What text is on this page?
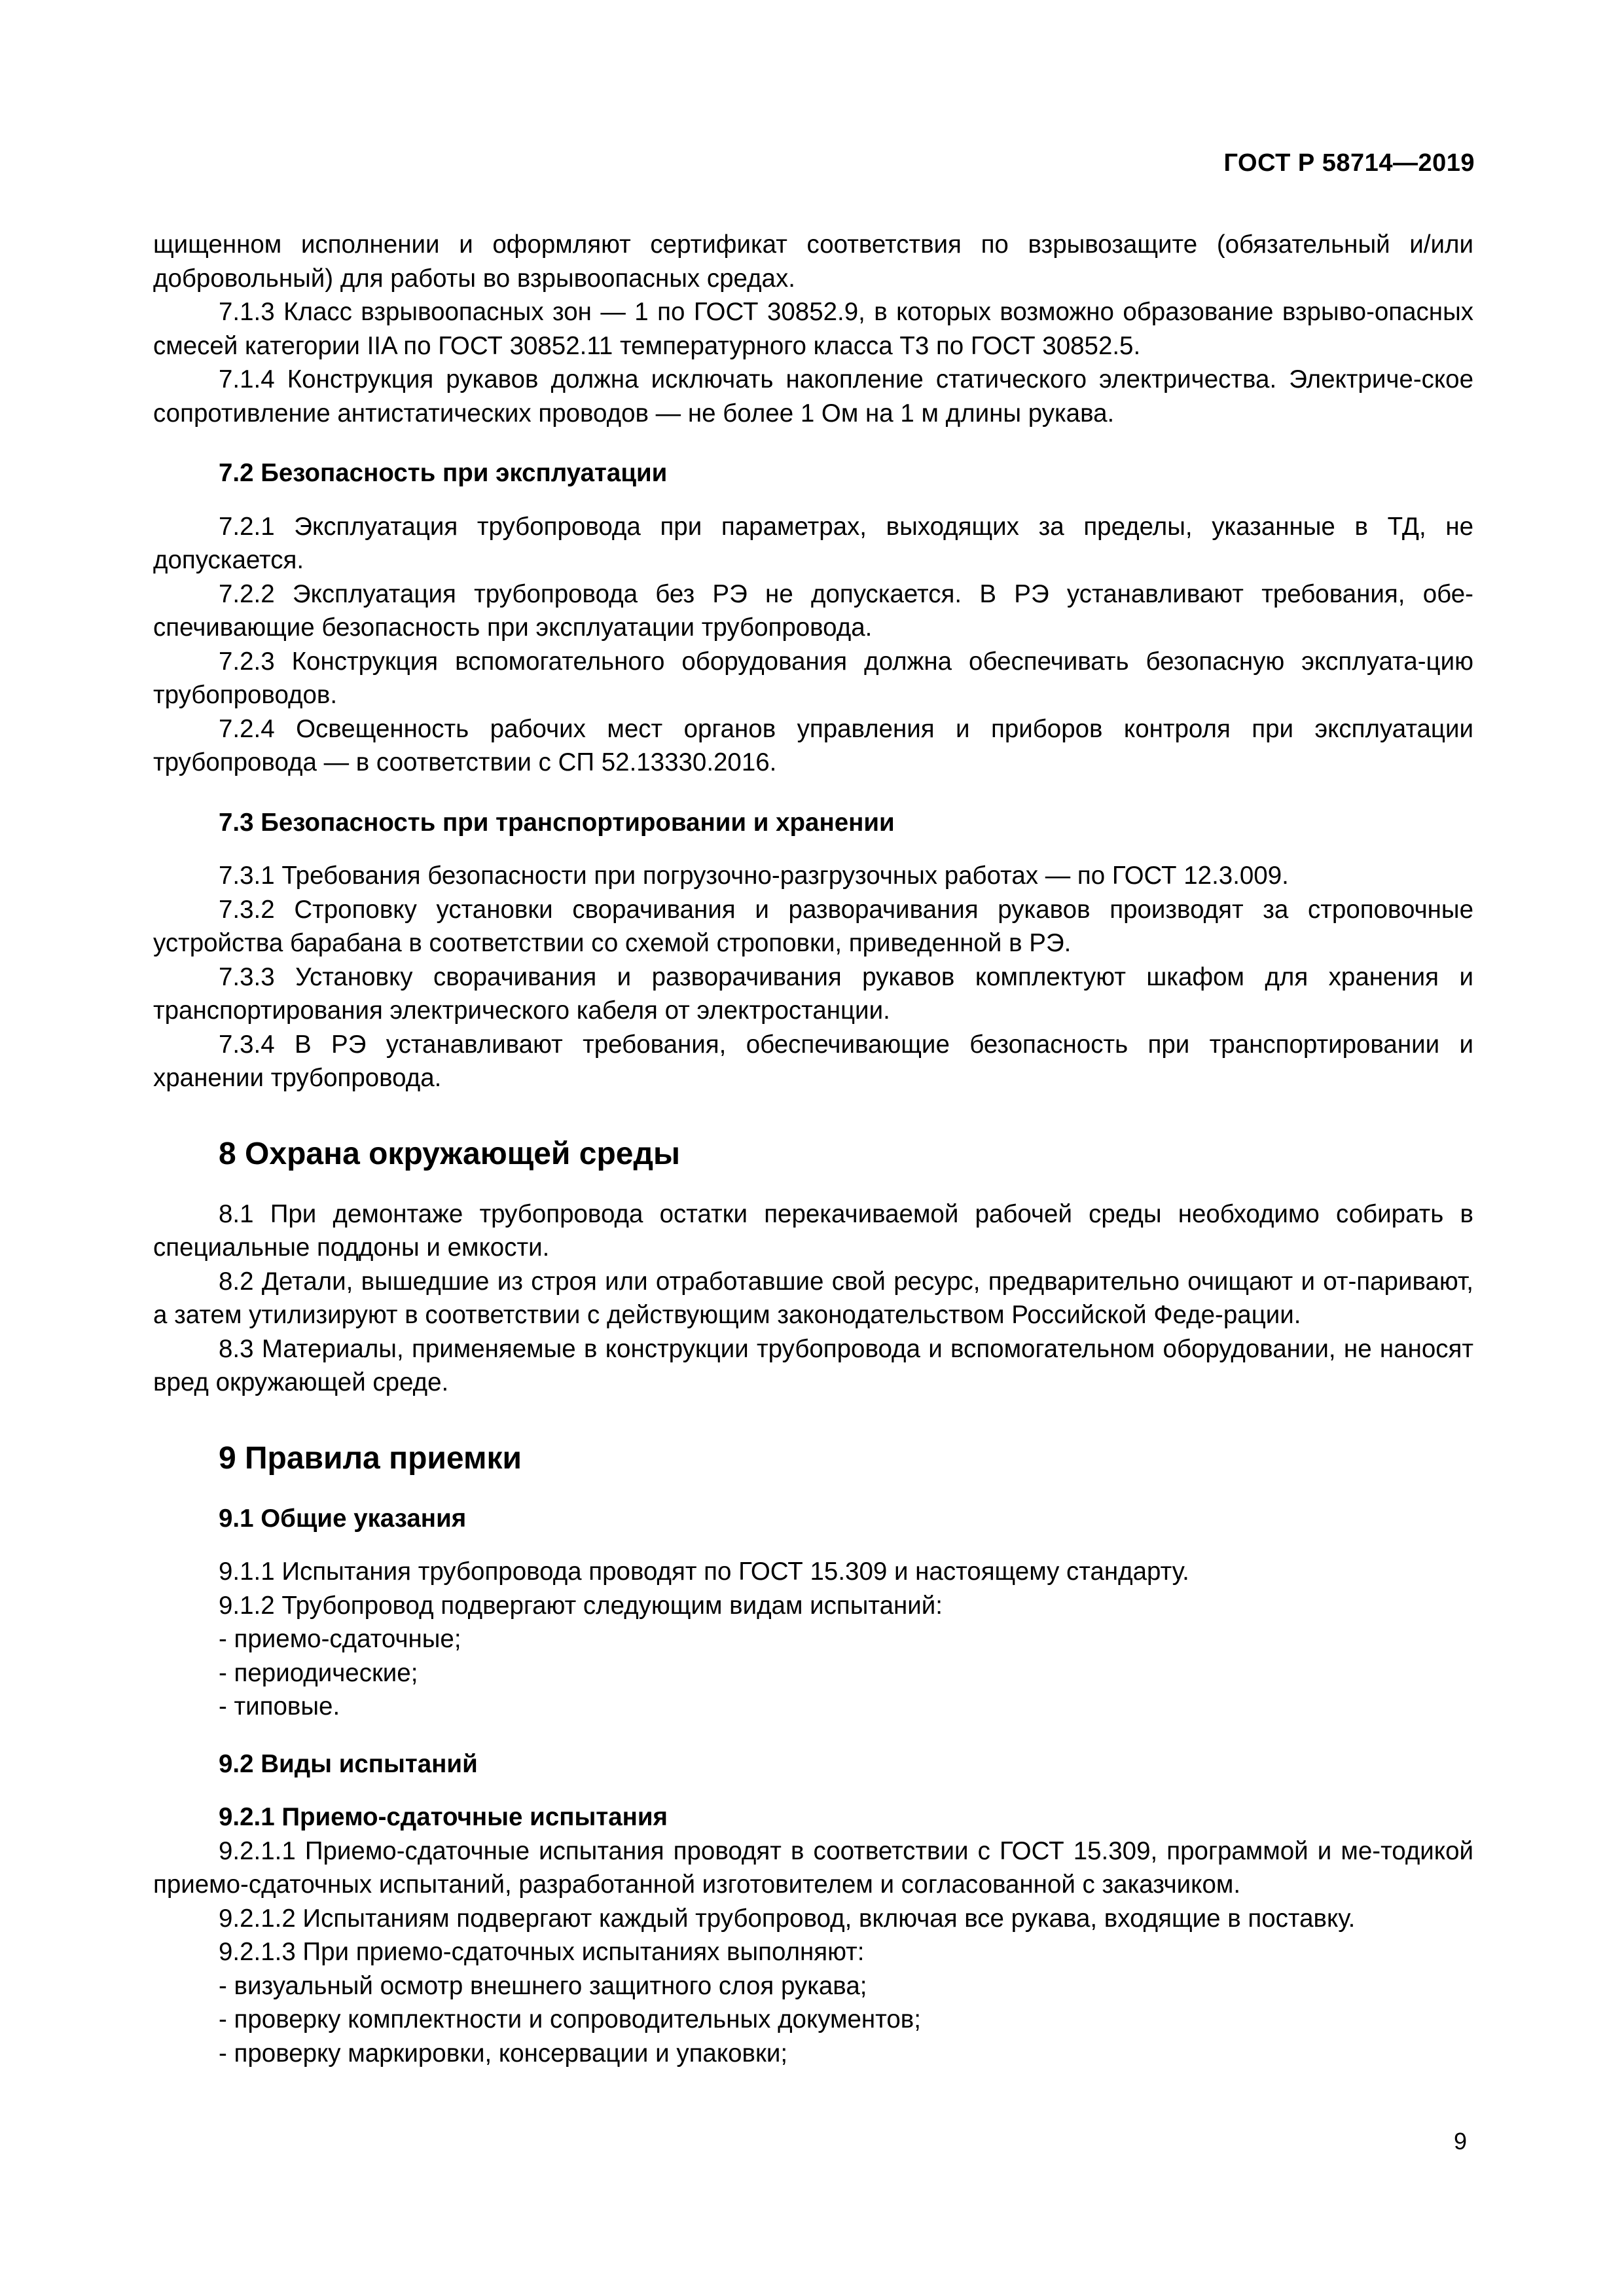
ГОСТ Р 58714—2019

щищенном исполнении и оформляют сертификат соответствия по взрывозащите (обязательный и/или добровольный) для работы во взрывоопасных средах.

7.1.3 Класс взрывоопасных зон — 1 по ГОСТ 30852.9, в которых возможно образование взрыво-опасных смесей категории IIA по ГОСТ 30852.11 температурного класса Т3 по ГОСТ 30852.5.

7.1.4 Конструкция рукавов должна исключать накопление статического электричества. Электриче-ское сопротивление антистатических проводов — не более 1 Ом на 1 м длины рукава.

7.2 Безопасность при эксплуатации

7.2.1 Эксплуатация трубопровода при параметрах, выходящих за пределы, указанные в ТД, не допускается.

7.2.2 Эксплуатация трубопровода без РЭ не допускается. В РЭ устанавливают требования, обе-спечивающие безопасность при эксплуатации трубопровода.

7.2.3 Конструкция вспомогательного оборудования должна обеспечивать безопасную эксплуата-цию трубопроводов.

7.2.4 Освещенность рабочих мест органов управления и приборов контроля при эксплуатации трубопровода — в соответствии с СП 52.13330.2016.

7.3 Безопасность при транспортировании и хранении

7.3.1 Требования безопасности при погрузочно-разгрузочных работах — по ГОСТ 12.3.009.

7.3.2 Строповку установки сворачивания и разворачивания рукавов производят за строповочные устройства барабана в соответствии со схемой строповки, приведенной в РЭ.

7.3.3 Установку сворачивания и разворачивания рукавов комплектуют шкафом для хранения и транспортирования электрического кабеля от электростанции.

7.3.4 В РЭ устанавливают требования, обеспечивающие безопасность при транспортировании и хранении трубопровода.

8 Охрана окружающей среды

8.1 При демонтаже трубопровода остатки перекачиваемой рабочей среды необходимо собирать в специальные поддоны и емкости.

8.2 Детали, вышедшие из строя или отработавшие свой ресурс, предварительно очищают и от-паривают, а затем утилизируют в соответствии с действующим законодательством Российской Феде-рации.

8.3 Материалы, применяемые в конструкции трубопровода и вспомогательном оборудовании, не наносят вред окружающей среде.

9 Правила приемки

9.1 Общие указания

9.1.1 Испытания трубопровода проводят по ГОСТ 15.309 и настоящему стандарту.

9.1.2 Трубопровод подвергают следующим видам испытаний:

- приемо-сдаточные;

- периодические;

- типовые.

9.2 Виды испытаний

9.2.1 Приемо-сдаточные испытания

9.2.1.1 Приемо-сдаточные испытания проводят в соответствии с ГОСТ 15.309, программой и ме-тодикой приемо-сдаточных испытаний, разработанной изготовителем и согласованной с заказчиком.

9.2.1.2 Испытаниям подвергают каждый трубопровод, включая все рукава, входящие в поставку.

9.2.1.3 При приемо-сдаточных испытаниях выполняют:

- визуальный осмотр внешнего защитного слоя рукава;

- проверку комплектности и сопроводительных документов;

- проверку маркировки, консервации и упаковки;

9
